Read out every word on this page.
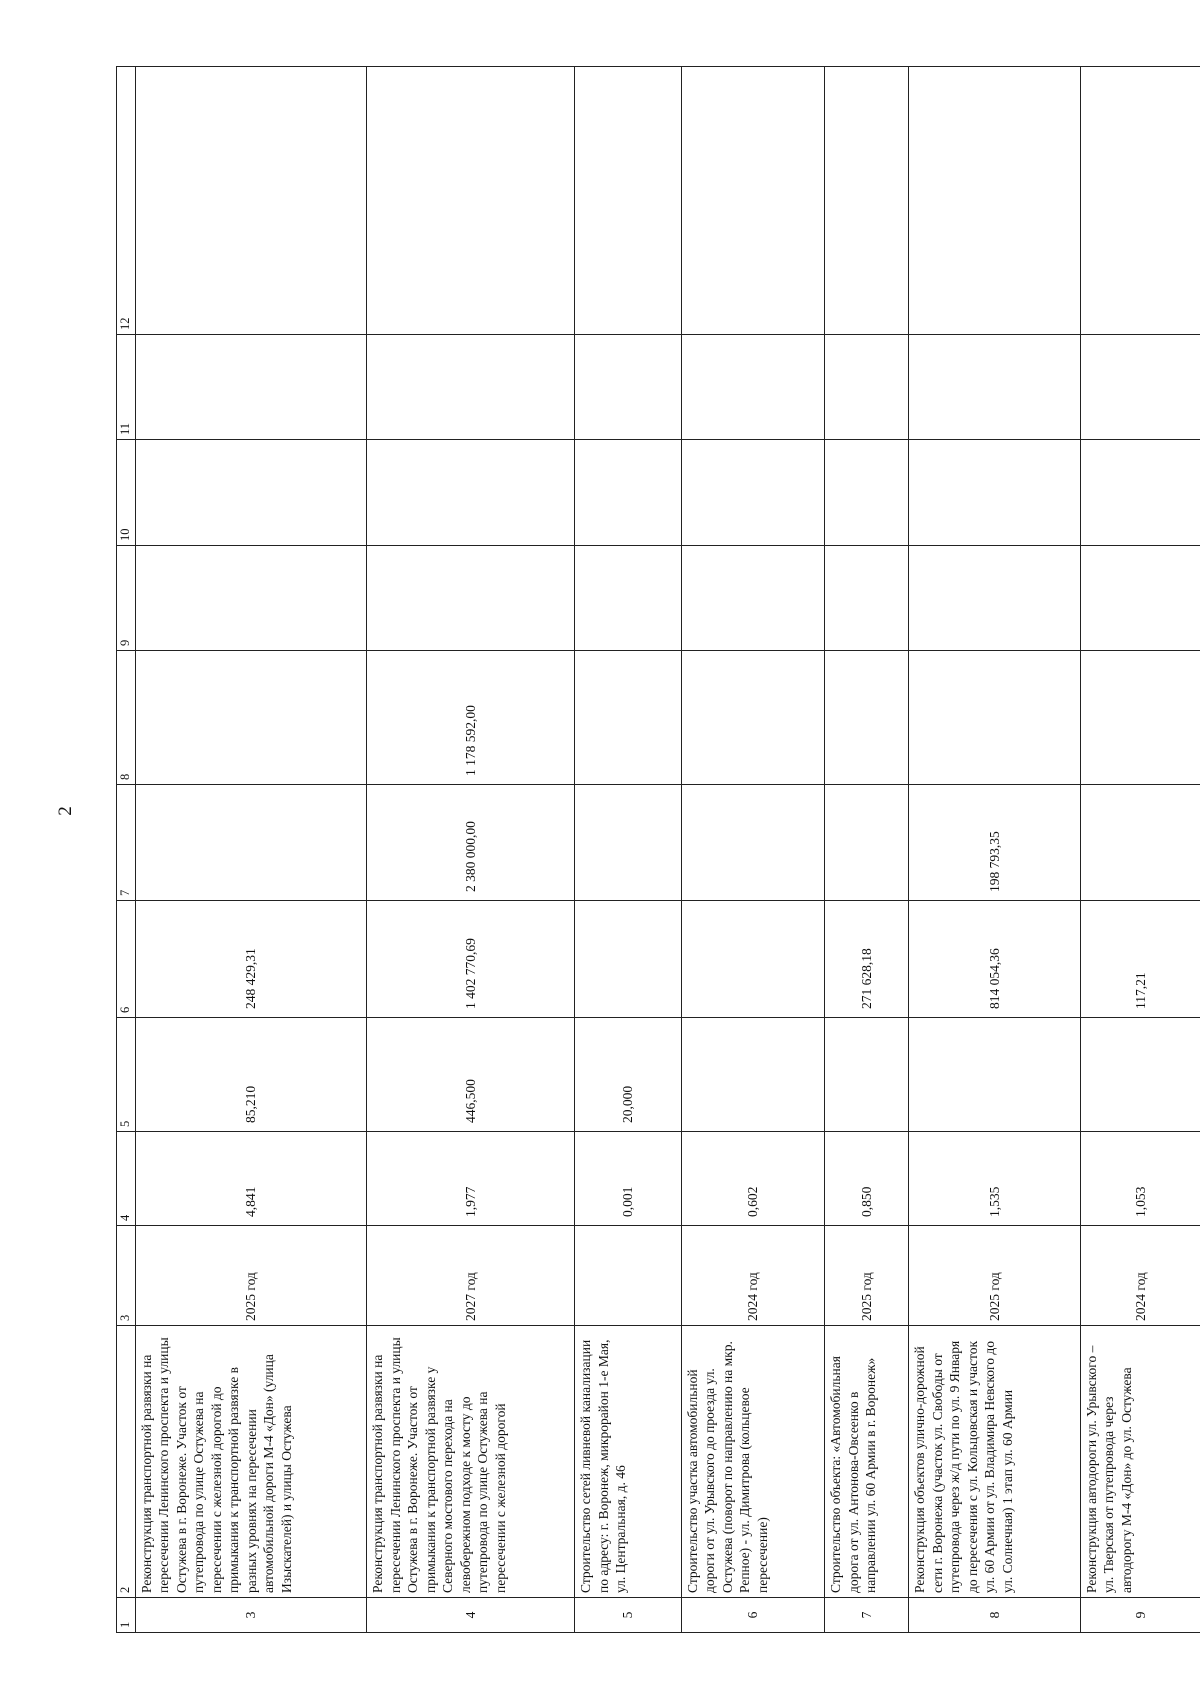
2
1	2	3	4	5	6	7	8	9	10	11	12
3	Реконструкция транспортной развязки на пересечении Ленинского проспекта и улицы Остужева в г. Воронеже. Участок от путепровода по улице Остужева на пересечении с железной дорогой до примыкания к транспортной развязке в разных уровнях на пересечении автомобильной дороги М-4 «Дон» (улица Изыскателей) и улицы Остужева	2025 год	4,841	85,210	248 429,31						
4	Реконструкция транспортной развязки на пересечении Ленинского проспекта и улицы Остужева в г. Воронеже. Участок от примыкания к транспортной развязке у Северного мостового перехода на левобережном подходе к мосту до путепровода по улице Остужева на пересечении с железной дорогой	2027 год	1,977	446,500	1 402 770,69	2 380 000,00	1 178 592,00				
5	Строительство сетей ливневой канализации по адресу: г. Воронеж, микрорайон 1-е Мая, ул. Центральная, д. 46		0,001	20,000							
6	Строительство участка автомобильной дороги от ул. Урывского до проезда ул. Остужева (поворот по направлению на мкр. Репное) - ул. Димитрова (кольцевое пересечение)	2024 год	0,602								
7	Строительство объекта: «Автомобильная дорога от ул. Антонова-Овсеенко в направлении ул. 60 Армии в г. Воронеж»	2025 год	0,850		271 628,18						
8	Реконструкция объектов улично-дорожной сети г. Воронежа (участок ул. Свободы от путепровода через ж/д пути по ул. 9 Января до пересечения с ул. Кольцовская и участок ул. 60 Армии от ул. Владимира Невского до ул. Солнечная) 1 этап ул. 60 Армии	2025 год	1,535		814 054,36	198 793,35					
9	Реконструкция автодороги ул. Урывского – ул. Тверская от путепровода через автодорогу М-4 «Дон» до ул. Остужева	2024 год	1,053		117,21						
